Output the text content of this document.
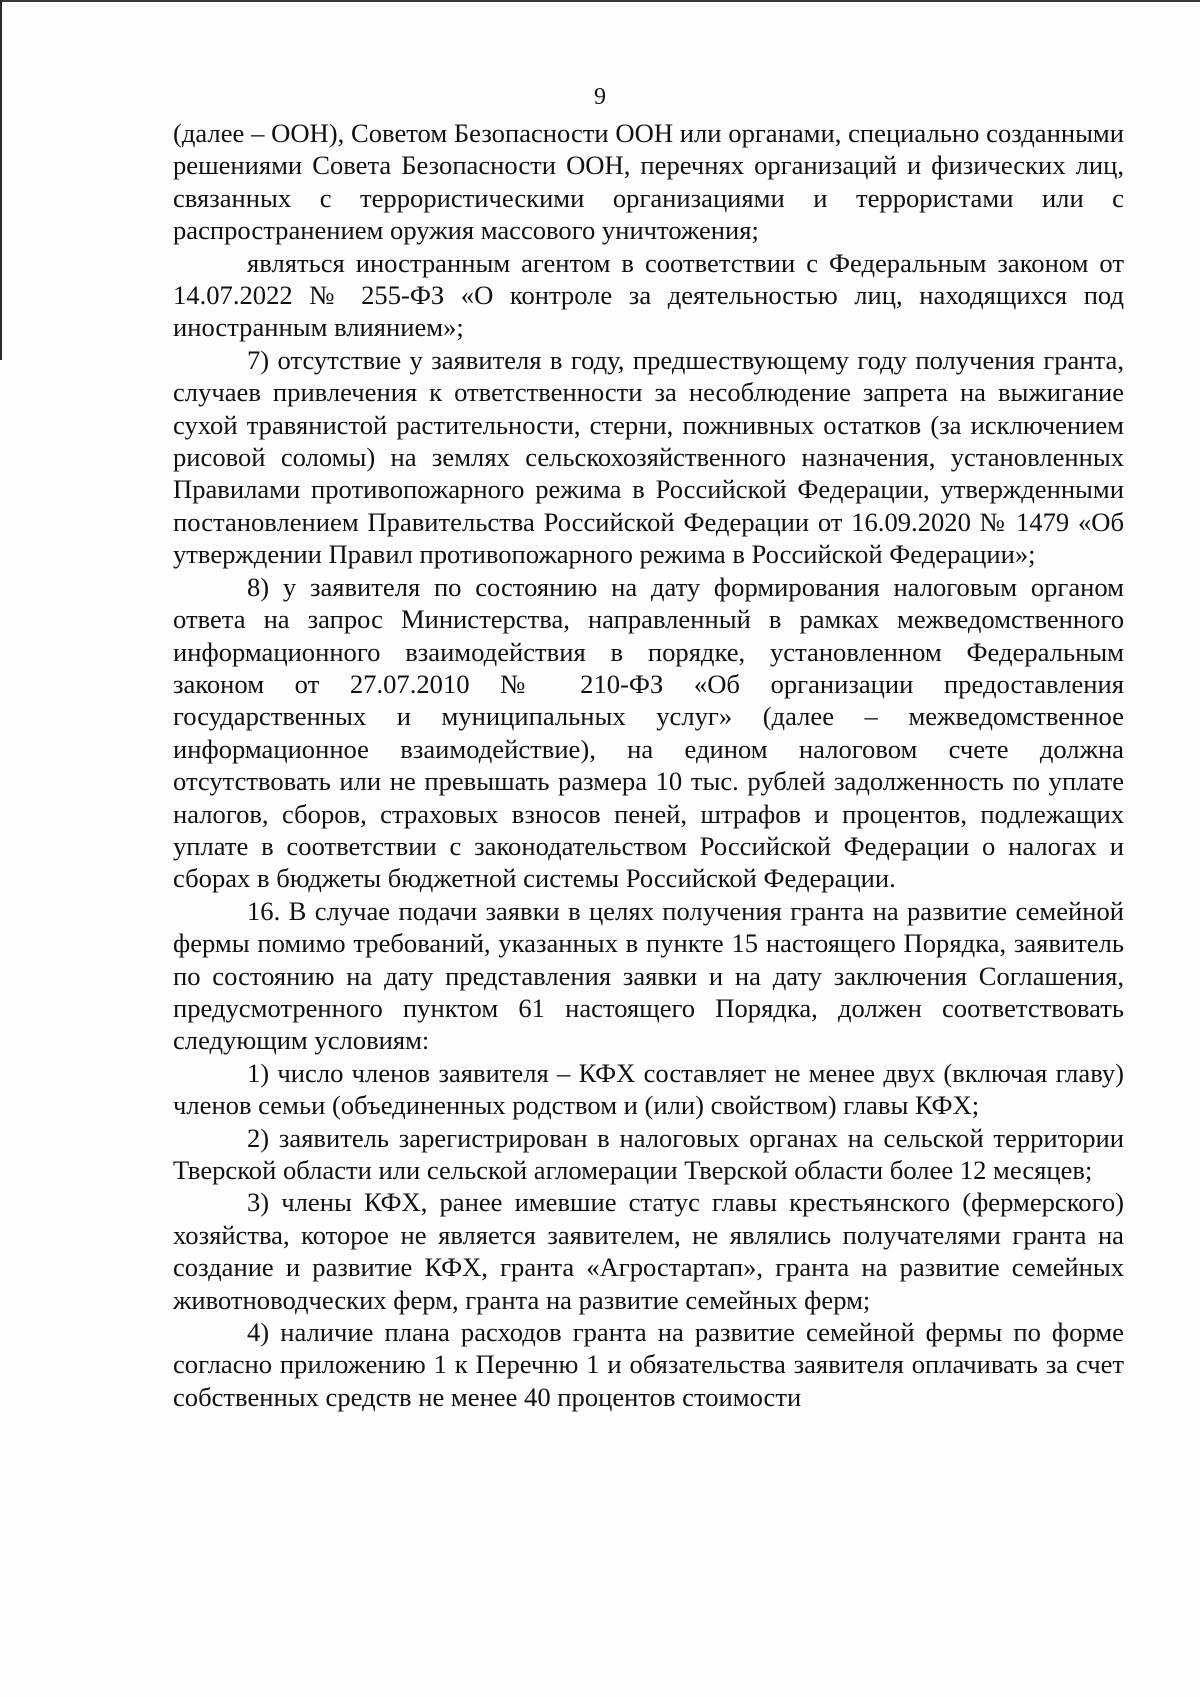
9

(далее – ООН), Советом Безопасности ООН или органами, специально созданными решениями Совета Безопасности ООН, перечнях организаций и физических лиц, связанных с террористическими организациями и террористами или с распространением оружия массового уничтожения;

являться иностранным агентом в соответствии с Федеральным законом от 14.07.2022 № 255-ФЗ «О контроле за деятельностью лиц, находящихся под иностранным влиянием»;

7) отсутствие у заявителя в году, предшествующему году получения гранта, случаев привлечения к ответственности за несоблюдение запрета на выжигание сухой травянистой растительности, стерни, пожнивных остатков (за исключением рисовой соломы) на землях сельскохозяйственного назначения, установленных Правилами противопожарного режима в Российской Федерации, утвержденными постановлением Правительства Российской Федерации от 16.09.2020 № 1479 «Об утверждении Правил противопожарного режима в Российской Федерации»;

8) у заявителя по состоянию на дату формирования налоговым органом ответа на запрос Министерства, направленный в рамках межведомственного информационного взаимодействия в порядке, установленном Федеральным законом от 27.07.2010 № 210-ФЗ «Об организации предоставления государственных и муниципальных услуг» (далее – межведомственное информационное взаимодействие), на едином налоговом счете должна отсутствовать или не превышать размера 10 тыс. рублей задолженность по уплате налогов, сборов, страховых взносов пеней, штрафов и процентов, подлежащих уплате в соответствии с законодательством Российской Федерации о налогах и сборах в бюджеты бюджетной системы Российской Федерации.

16. В случае подачи заявки в целях получения гранта на развитие семейной фермы помимо требований, указанных в пункте 15 настоящего Порядка, заявитель по состоянию на дату представления заявки и на дату заключения Соглашения, предусмотренного пунктом 61 настоящего Порядка, должен соответствовать следующим условиям:

1) число членов заявителя – КФХ составляет не менее двух (включая главу) членов семьи (объединенных родством и (или) свойством) главы КФХ;

2) заявитель зарегистрирован в налоговых органах на сельской территории Тверской области или сельской агломерации Тверской области более 12 месяцев;

3) члены КФХ, ранее имевшие статус главы крестьянского (фермерского) хозяйства, которое не является заявителем, не являлись получателями гранта на создание и развитие КФХ, гранта «Агростартап», гранта на развитие семейных животноводческих ферм, гранта на развитие семейных ферм;

4) наличие плана расходов гранта на развитие семейной фермы по форме согласно приложению 1 к Перечню 1 и обязательства заявителя оплачивать за счет собственных средств не менее 40 процентов стоимости
